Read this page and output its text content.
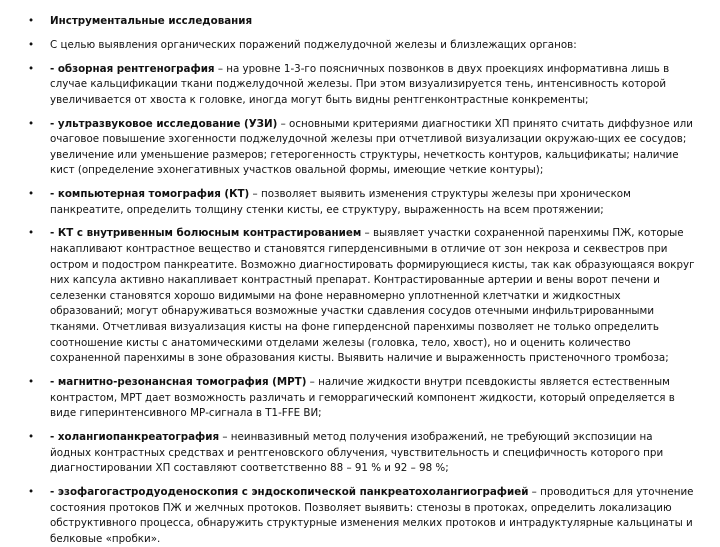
• Инструментальные исследования
• С целью выявления органических поражений поджелудочной железы и близлежащих органов:
• - обзорная рентгенография – на уровне 1-3-го поясничных позвонков в двух проекциях информативна лишь в случае кальцификации ткани поджелудочной железы. При этом визуализируется тень, интенсивность которой увеличивается от хвоста к головке, иногда могут быть видны рентгенконтрастные конкременты;
• - ультразвуковое исследование (УЗИ) – основными критериями диагностики ХП принято считать диффузное или очаговое повышение эхогенности поджелудочной железы при отчетливой визуализации окружаю-щих ее сосудов; увеличение или уменьшение размеров; гетерогенность структуры, нечеткость контуров, кальцификаты; наличие кист (определение эхонегативных участков овальной формы, имеющие четкие контуры);
• - компьютерная томография (КТ) – позволяет выявить изменения структуры железы при хроническом панкреатите, определить толщину стенки кисты, ее структуру, выраженность на всем протяжении;
• - КТ с внутривенным болюсным контрастированием – выявляет участки сохраненной паренхимы ПЖ, которые накапливают контрастное вещество и становятся гиперденсивными в отличие от зон некроза и секвестров при остром и подостром панкреатите. Возможно диагностировать формирующиеся кисты, так как образующаяся вокруг них капсула активно накапливает контрастный препарат. Контрастированные артерии и вены ворот печени и селезенки становятся хорошо видимыми на фоне неравномерно уплотненной клетчатки и жидкостных образований; могут обнаруживаться возможные участки сдавления сосудов отечными инфильтрированными тканями. Отчетливая визуализация кисты на фоне гиперденсной паренхимы позволяет не только определить соотношение кисты с анатомическими отделами железы (головка, тело, хвост), но и оценить количество сохраненной паренхимы в зоне образования кисты. Выявить наличие и выраженность пристеночного тромбоза;
• - магнитно-резонансная томография (МРТ) – наличие жидкости внутри псевдокисты является естественным контрастом, МРТ дает возможность различать и геморрагический компонент жидкости, который определяется в виде гиперинтенсивного МР-сигнала в T1-FFE ВИ;
• - холангиопанкреатография – неинвазивный метод получения изображений, не требующий экспозиции на йодных контрастных средствах и рентгеновского облучения, чувствительность и специфичность которого при диагностировании ХП составляют соответственно 88 – 91 % и 92 – 98 %;
• - эзофагогастродуоденоскопия с эндоскопической панкреатохолангиографией – проводиться для уточнение состояния протоков ПЖ и желчных протоков. Позволяет выявить: стенозы в протоках, определить локализацию обструктивного процесса, обнаружить структурные изменения мелких протоков и интрадуктулярные кальцинаты и белковые «пробки».
